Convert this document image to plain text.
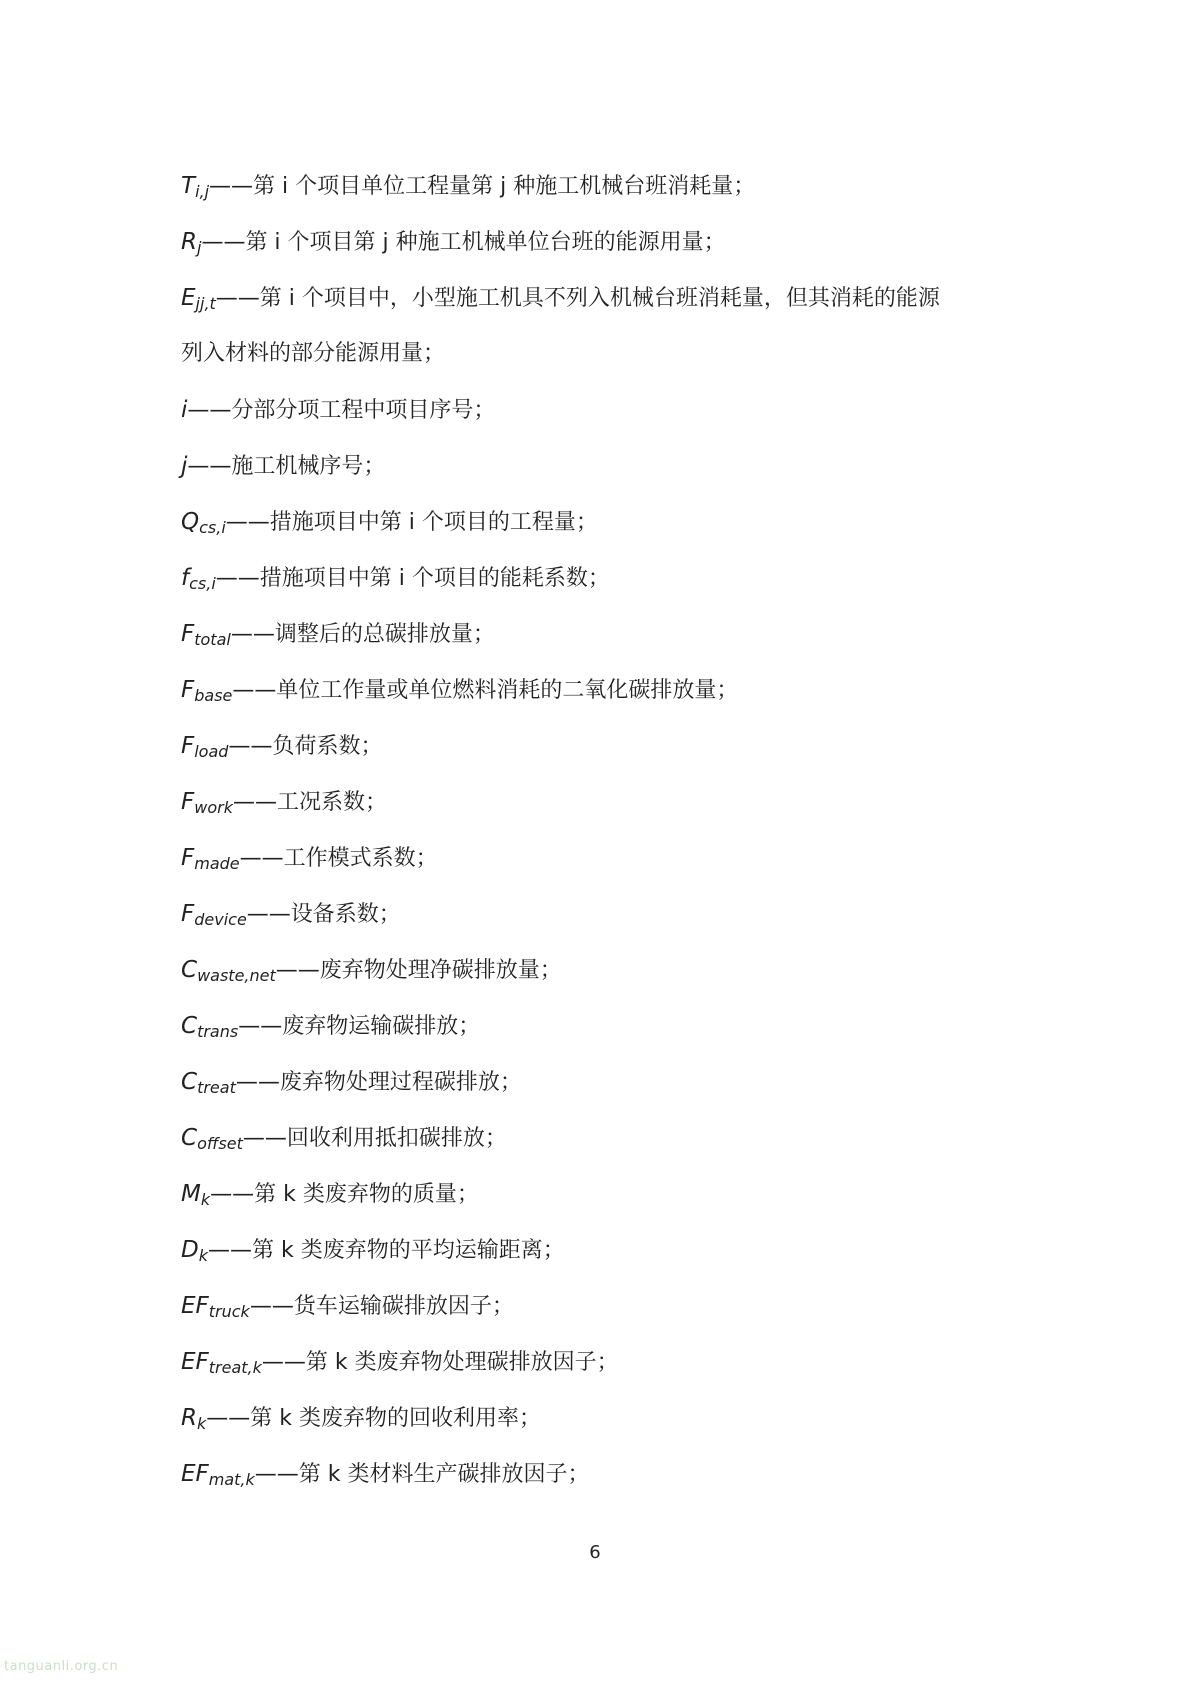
$T_{i,j}——$第 i 个项目单位工程量第 j 种施工机械台班消耗量；
$R_j——$第 i 个项目第 j 种施工机械单位台班的能源用量；
$E_{jj,t}——$第 i 个项目中，小型施工机具不列入机械台班消耗量，但其消耗的能源
列入材料的部分能源用量；
i——分部分项工程中项目序号；
j——施工机械序号；
$Q_{cs,i}——$措施项目中第 i 个项目的工程量；
$f_{cs,i}——$措施项目中第 i 个项目的能耗系数；
$F_{total}——$调整后的总碳排放量；
$F_{base}——$单位工作量或单位燃料消耗的二氧化碳排放量；
$F_{load}——$负荷系数；
$F_{work}——$工况系数；
$F_{made}——$工作模式系数；
$F_{device}——$设备系数；
$C_{waste,net}——$废弃物处理净碳排放量；
$C_{trans}——$废弃物运输碳排放；
$C_{treat}——$废弃物处理过程碳排放；
$C_{offset}——$回收利用抵扣碳排放；
$M_k——$第 k 类废弃物的质量；
$D_k——$第 k 类废弃物的平均运输距离；
$EF_{truck}——$货车运输碳排放因子；
$EF_{treat,k}——$第 k 类废弃物处理碳排放因子；
$R_k——$第 k 类废弃物的回收利用率；
$EF_{mat,k}——$第 k 类材料生产碳排放因子；
6
tanguanli.org.cn
